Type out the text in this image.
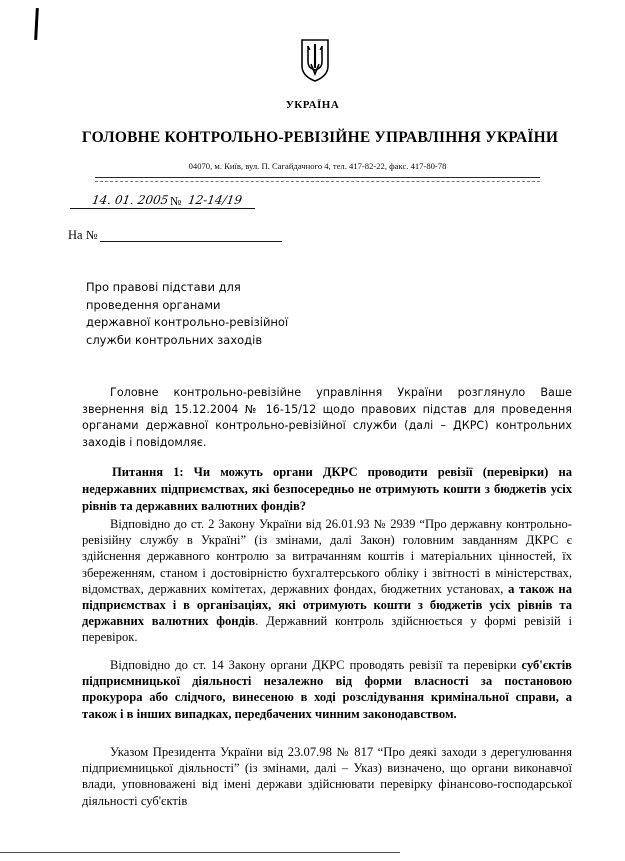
УКРАЇНА
ГОЛОВНЕ КОНТРОЛЬНО-РЕВІЗІЙНЕ УПРАВЛІННЯ УКРАЇНИ
04070, м. Київ, вул. П. Сагайдачного 4, тел. 417-82-22, факс. 417-80-78
14. 01. 2005 № 12-14/19
На №
Про правові підстави для
проведення органами
державної контрольно-ревізійної
служби контрольних заходів
Головне контрольно-ревізійне управління України розглянуло Ваше звернення від 15.12.2004 № 16-15/12 щодо правових підстав для проведення органами державної контрольно-ревізійної служби (далі – ДКРС) контрольних заходів і повідомляє.
Питання 1: Чи можуть органи ДКРС проводити ревізії (перевірки) на недержавних підприємствах, які безпосередньо не отримують кошти з бюджетів усіх рівнів та державних валютних фондів?
Відповідно до ст. 2 Закону України від 26.01.93 № 2939 “Про державну контрольно-ревізійну службу в Україні” (із змінами, далі Закон) головним завданням ДКРС є здійснення державного контролю за витрачанням коштів і матеріальних цінностей, їх збереженням, станом і достовірністю бухгалтерського обліку і звітності в міністерствах, відомствах, державних комітетах, державних фондах, бюджетних установах, а також на підприємствах і в організаціях, які отримують кошти з бюджетів усіх рівнів та державних валютних фондів. Державний контроль здійснюється у формі ревізій і перевірок.
Відповідно до ст. 14 Закону органи ДКРС проводять ревізії та перевірки суб'єктів підприємницької діяльності незалежно від форми власності за постановою прокурора або слідчого, винесеною в ході розслідування кримінальної справи, а також і в інших випадках, передбачених чинним законодавством.
Указом Президента України від 23.07.98 № 817 “Про деякі заходи з дерегулювання підприємницької діяльності” (із змінами, далі – Указ) визначено, що органи виконавчої влади, уповноважені від імені держави здійснювати перевірку фінансово-господарської діяльності суб'єктів
